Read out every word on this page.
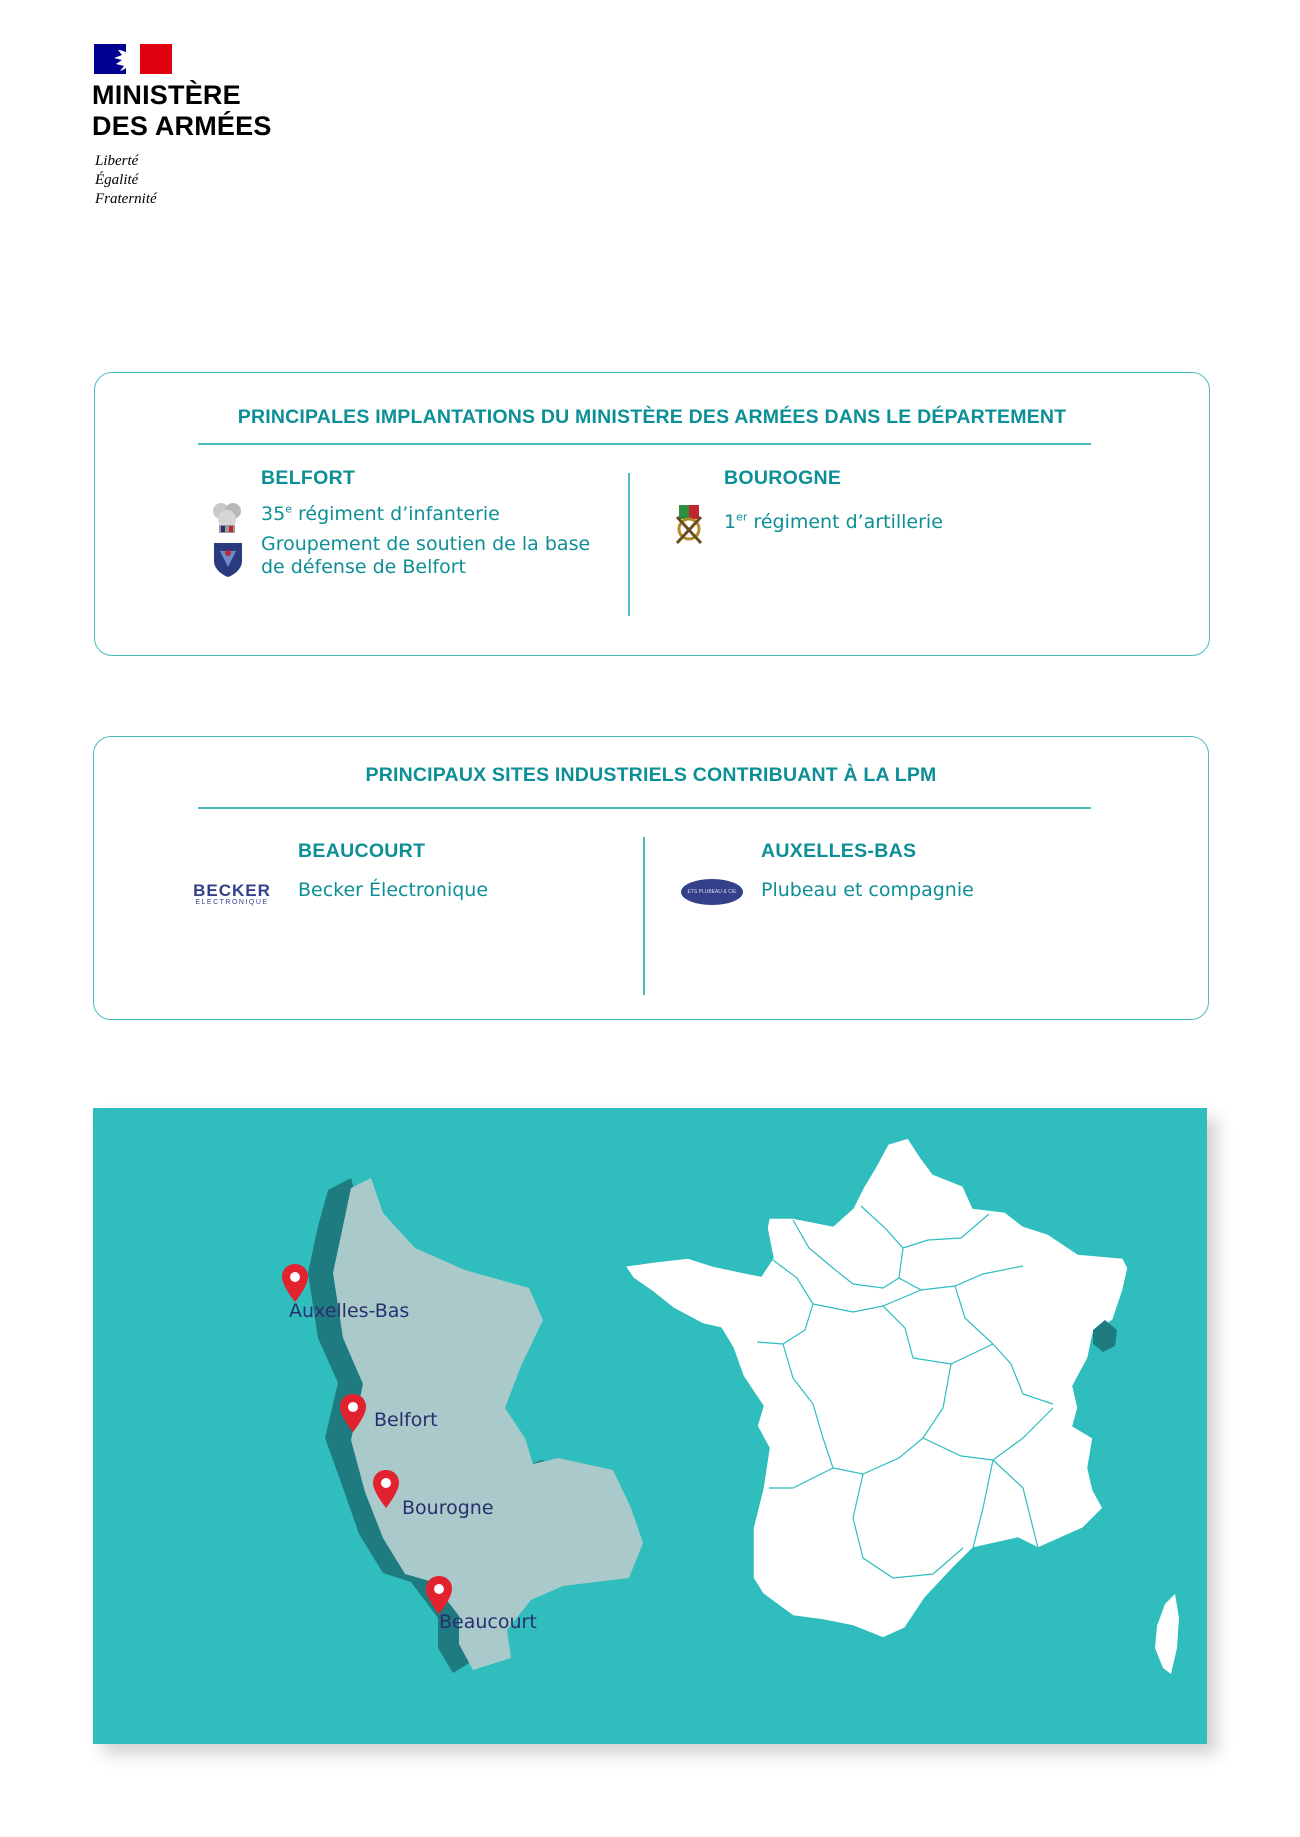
MINISTÈRE
DES ARMÉES
Liberté
Égalité
Fraternité
PRINCIPALES IMPLANTATIONS DU MINISTÈRE DES ARMÉES DANS LE DÉPARTEMENT
BELFORT
35e régiment d’infanterie
Groupement de soutien de la base
de défense de Belfort
BOUROGNE
1er régiment d’artillerie
PRINCIPAUX SITES INDUSTRIELS CONTRIBUANT À LA LPM
BEAUCOURT
BECKER
ELECTRONIQUE
Becker Électronique
AUXELLES-BAS
ETS PLUBEAU & CIE	Plubeau et compagnie
Auxelles-Bas
Belfort
Bourogne
Beaucourt
